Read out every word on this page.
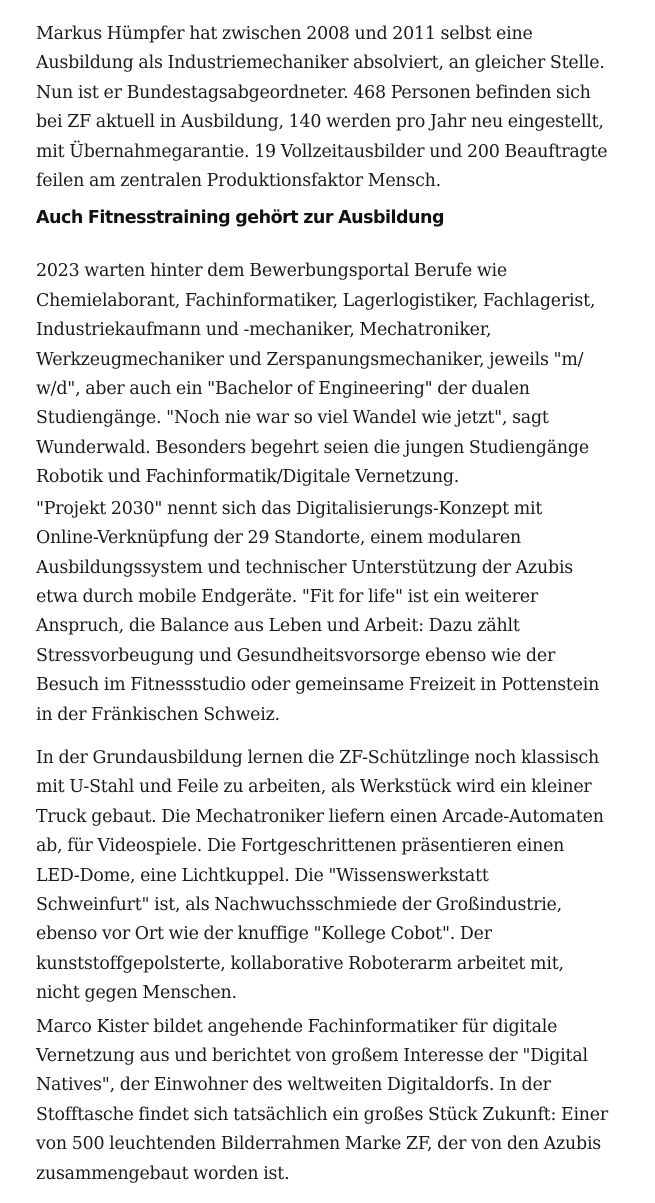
Markus Hümpfer hat zwischen 2008 und 2011 selbst eine
Ausbildung als Industriemechaniker absolviert, an gleicher Stelle.
Nun ist er Bundestagsabgeordneter. 468 Personen befinden sich
bei ZF aktuell in Ausbildung, 140 werden pro Jahr neu eingestellt,
mit Übernahmegarantie. 19 Vollzeitausbilder und 200 Beauftragte
feilen am zentralen Produktionsfaktor Mensch.

Auch Fitnesstraining gehört zur Ausbildung

2023 warten hinter dem Bewerbungsportal Berufe wie
Chemielaborant, Fachinformatiker, Lagerlogistiker, Fachlagerist,
Industriekaufmann und -mechaniker, Mechatroniker,
Werkzeugmechaniker und Zerspanungsmechaniker, jeweils "m/
w/d", aber auch ein "Bachelor of Engineering" der dualen
Studiengänge. "Noch nie war so viel Wandel wie jetzt", sagt
Wunderwald. Besonders begehrt seien die jungen Studiengänge
Robotik und Fachinformatik/Digitale Vernetzung.

"Projekt 2030" nennt sich das Digitalisierungs-Konzept mit
Online-Verknüpfung der 29 Standorte, einem modularen
Ausbildungssystem und technischer Unterstützung der Azubis
etwa durch mobile Endgeräte. "Fit for life" ist ein weiterer
Anspruch, die Balance aus Leben und Arbeit: Dazu zählt
Stressvorbeugung und Gesundheitsvorsorge ebenso wie der
Besuch im Fitnessstudio oder gemeinsame Freizeit in Pottenstein
in der Fränkischen Schweiz.

In der Grundausbildung lernen die ZF-Schützlinge noch klassisch
mit U-Stahl und Feile zu arbeiten, als Werkstück wird ein kleiner
Truck gebaut. Die Mechatroniker liefern einen Arcade-Automaten
ab, für Videospiele. Die Fortgeschrittenen präsentieren einen
LED-Dome, eine Lichtkuppel. Die "Wissenswerkstatt
Schweinfurt" ist, als Nachwuchsschmiede der Großindustrie,
ebenso vor Ort wie der knuffige "Kollege Cobot". Der
kunststoffgepolsterte, kollaborative Roboterarm arbeitet mit,
nicht gegen Menschen.

Marco Kister bildet angehende Fachinformatiker für digitale
Vernetzung aus und berichtet von großem Interesse der "Digital
Natives", der Einwohner des weltweiten Digitaldorfs. In der
Stofftasche findet sich tatsächlich ein großes Stück Zukunft: Einer
von 500 leuchtenden Bilderrahmen Marke ZF, der von den Azubis
zusammengebaut worden ist.
